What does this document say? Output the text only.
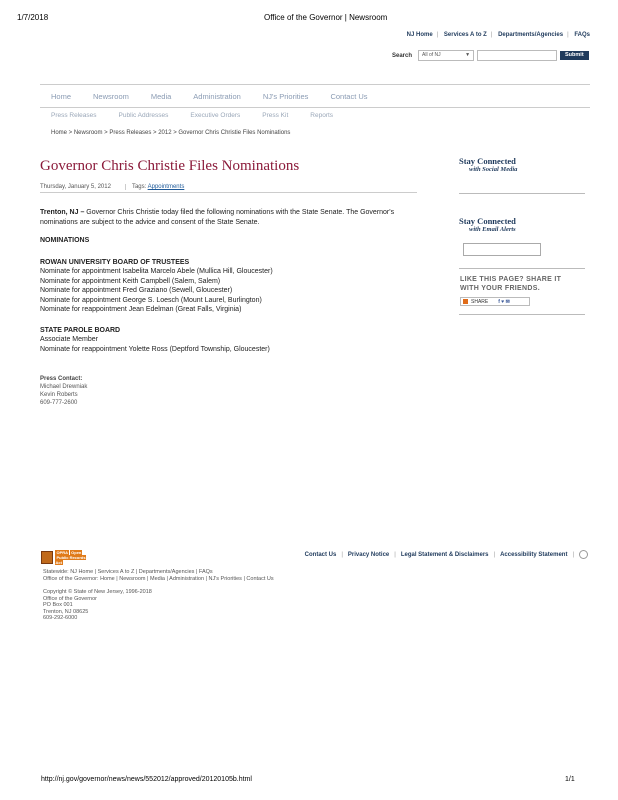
1/7/2018	Office of the Governor | Newsroom
NJ Home | Services A to Z | Departments/Agencies | FAQs
Search	All of NJ	▼	Submit
Home	Newsroom	Media	Administration	NJ's Priorities	Contact Us
Press Releases	Public Addresses	Executive Orders	Press Kit	Reports
Home > Newsroom > Press Releases > 2012 > Governor Chris Christie Files Nominations
Governor Chris Christie Files Nominations
Thursday, January 5, 2012	Tags: Appointments

Trenton, NJ – Governor Chris Christie today filed the following nominations with the State Senate. The Governor's nominations are subject to the advice and consent of the State Senate.

NOMINATIONS

ROWAN UNIVERSITY BOARD OF TRUSTEES
Nominate for appointment Isabelita Marcelo Abele (Mullica Hill, Gloucester)
Nominate for appointment Keith Campbell (Salem, Salem)
Nominate for appointment Fred Graziano (Sewell, Gloucester)
Nominate for appointment George S. Loesch (Mount Laurel, Burlington)
Nominate for reappointment Jean Edelman (Great Falls, Virginia)
STATE PAROLE BOARD
Associate Member
Nominate for reappointment Yolette Ross (Deptford Township, Gloucester)
Press Contact:
Michael Drewniak
Kevin Roberts
609-777-2600
Stay Connected
with Social Media
Stay Connected
with Email Alerts
LIKE THIS PAGE? SHARE IT
WITH YOUR FRIENDS.
SHARE f ♥ ✉
OPRA Open
Public Records Act
Contact Us | Privacy Notice | Legal Statement & Disclaimers | Accessibility Statement |
Statewide: NJ Home | Services A to Z | Departments/Agencies | FAQs
Office of the Governor: Home | Newsroom | Media | Administration | NJ's Priorities | Contact Us
Copyright © State of New Jersey, 1996-2018
Office of the Governor
PO Box 001
Trenton, NJ 08625
609-292-6000
http://nj.gov/governor/news/news/552012/approved/20120105b.html	1/1
